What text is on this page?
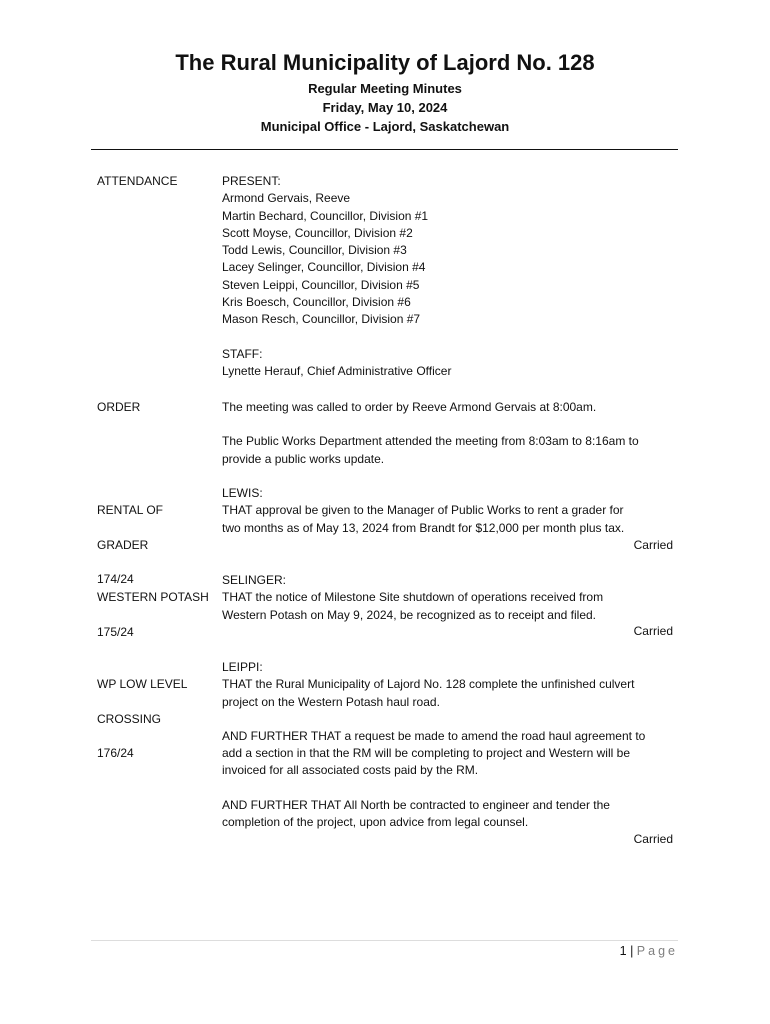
The Rural Municipality of Lajord No. 128
Regular Meeting Minutes
Friday, May 10, 2024
Municipal Office - Lajord, Saskatchewan
ATTENDANCE	PRESENT:
Armond Gervais, Reeve
Martin Bechard, Councillor, Division #1
Scott Moyse, Councillor, Division #2
Todd Lewis, Councillor, Division #3
Lacey Selinger, Councillor, Division #4
Steven Leippi, Councillor, Division #5
Kris Boesch, Councillor, Division #6
Mason Resch, Councillor, Division #7
STAFF:
Lynette Herauf, Chief Administrative Officer
ORDER	The meeting was called to order by Reeve Armond Gervais at 8:00am.
The Public Works Department attended the meeting from 8:03am to 8:16am to
provide a public works update.

RENTAL OF

GRADER

174/24

LEWIS:
THAT approval be given to the Manager of Public Works to rent a grader for
two months as of May 13, 2024 from Brandt for $12,000 per month plus tax.
Carried

WESTERN POTASH

175/24

SELINGER:
THAT the notice of Milestone Site shutdown of operations received from
Western Potash on May 9, 2024, be recognized as to receipt and filed.
Carried

WP LOW LEVEL

CROSSING

176/24

LEIPPI:
THAT the Rural Municipality of Lajord No. 128 complete the unfinished culvert
project on the Western Potash haul road.
AND FURTHER THAT a request be made to amend the road haul agreement to
add a section in that the RM will be completing to project and Western will be
invoiced for all associated costs paid by the RM.
AND FURTHER THAT All North be contracted to engineer and tender the
completion of the project, upon advice from legal counsel.
Carried
1 | Page
